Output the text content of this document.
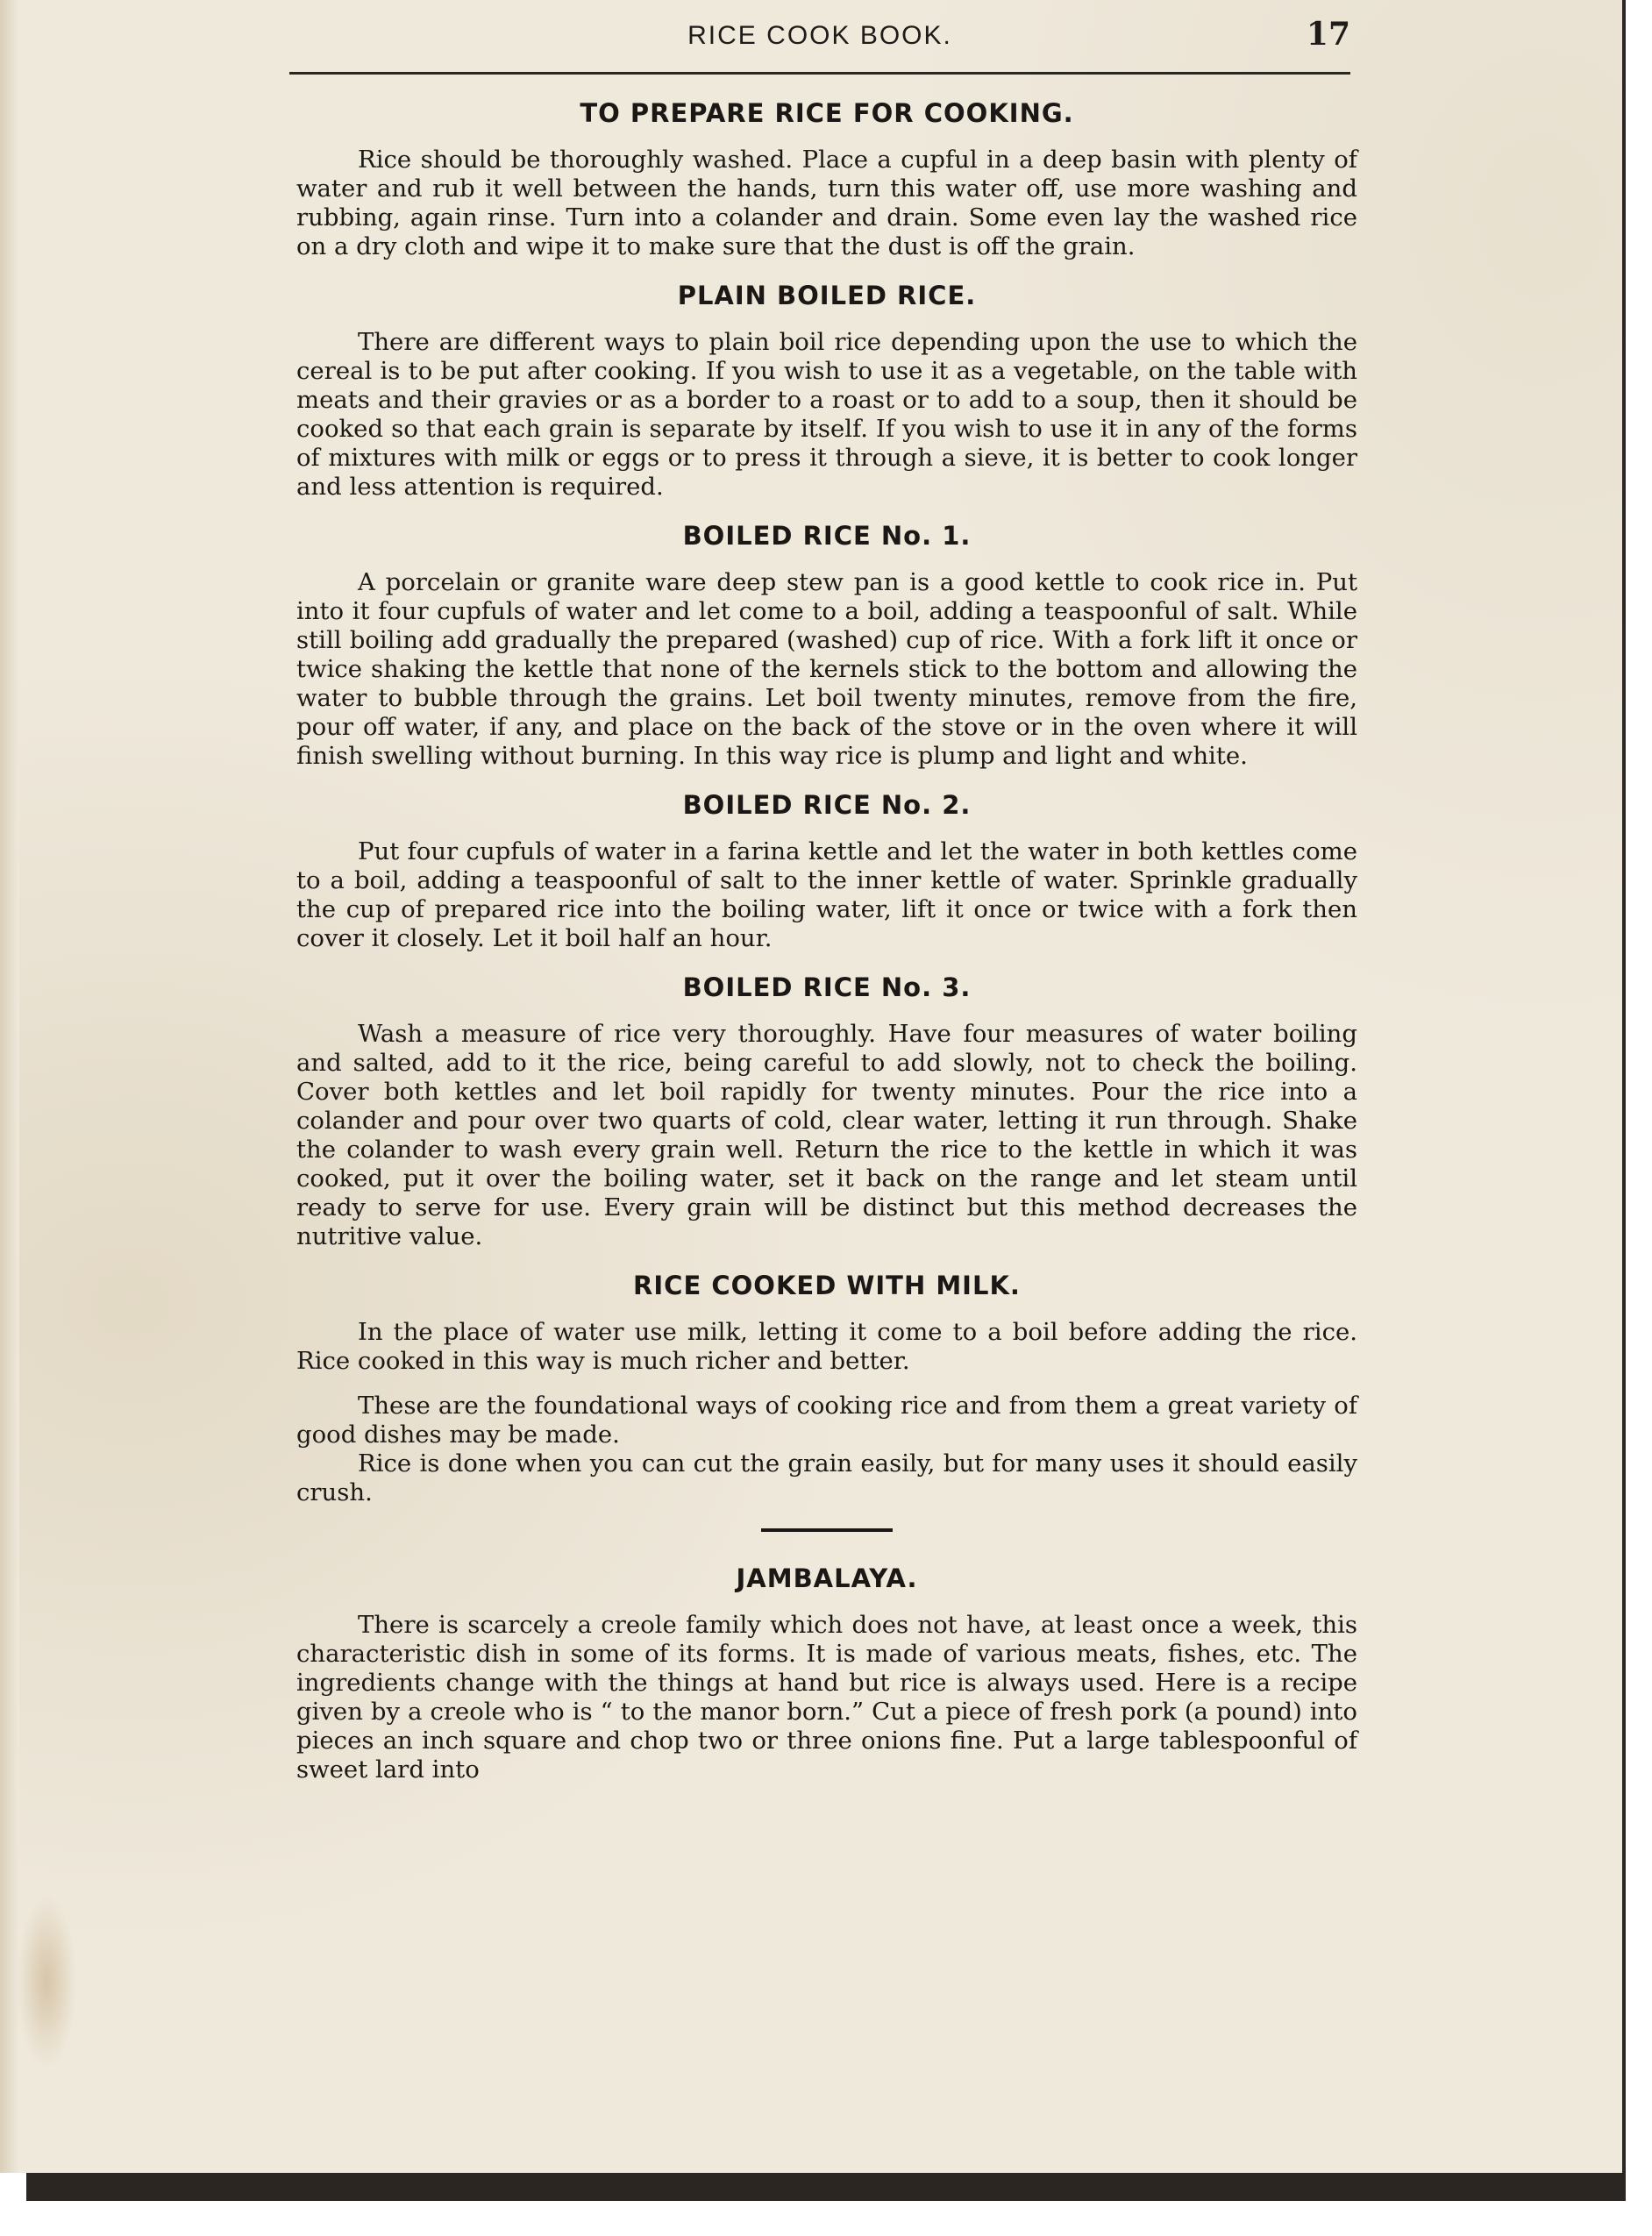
RICE COOK BOOK.	17
TO PREPARE RICE FOR COOKING.

Rice should be thoroughly washed. Place a cupful in a deep basin with plenty of water and rub it well between the hands, turn this water off, use more washing and rubbing, again rinse. Turn into a colander and drain. Some even lay the washed rice on a dry cloth and wipe it to make sure that the dust is off the grain.

PLAIN BOILED RICE.

There are different ways to plain boil rice depending upon the use to which the cereal is to be put after cooking. If you wish to use it as a vegetable, on the table with meats and their gravies or as a border to a roast or to add to a soup, then it should be cooked so that each grain is separate by itself. If you wish to use it in any of the forms of mixtures with milk or eggs or to press it through a sieve, it is better to cook longer and less attention is required.

BOILED RICE No. 1.

A porcelain or granite ware deep stew pan is a good kettle to cook rice in. Put into it four cupfuls of water and let come to a boil, adding a teaspoonful of salt. While still boiling add gradually the prepared (washed) cup of rice. With a fork lift it once or twice shaking the kettle that none of the kernels stick to the bottom and allowing the water to bubble through the grains. Let boil twenty minutes, remove from the fire, pour off water, if any, and place on the back of the stove or in the oven where it will finish swelling without burning. In this way rice is plump and light and white.

BOILED RICE No. 2.

Put four cupfuls of water in a farina kettle and let the water in both kettles come to a boil, adding a teaspoonful of salt to the inner kettle of water. Sprinkle gradually the cup of prepared rice into the boiling water, lift it once or twice with a fork then cover it closely. Let it boil half an hour.

BOILED RICE No. 3.

Wash a measure of rice very thoroughly. Have four measures of water boiling and salted, add to it the rice, being careful to add slowly, not to check the boiling. Cover both kettles and let boil rapidly for twenty minutes. Pour the rice into a colander and pour over two quarts of cold, clear water, letting it run through. Shake the colander to wash every grain well. Return the rice to the kettle in which it was cooked, put it over the boiling water, set it back on the range and let steam until ready to serve for use. Every grain will be distinct but this method decreases the nutritive value.

RICE COOKED WITH MILK.

In the place of water use milk, letting it come to a boil before adding the rice. Rice cooked in this way is much richer and better.

These are the foundational ways of cooking rice and from them a great variety of good dishes may be made.

Rice is done when you can cut the grain easily, but for many uses it should easily crush.

JAMBALAYA.

There is scarcely a creole family which does not have, at least once a week, this characteristic dish in some of its forms. It is made of various meats, fishes, etc. The ingredients change with the things at hand but rice is always used. Here is a recipe given by a creole who is “ to the manor born.” Cut a piece of fresh pork (a pound) into pieces an inch square and chop two or three onions fine. Put a large tablespoonful of sweet lard into
